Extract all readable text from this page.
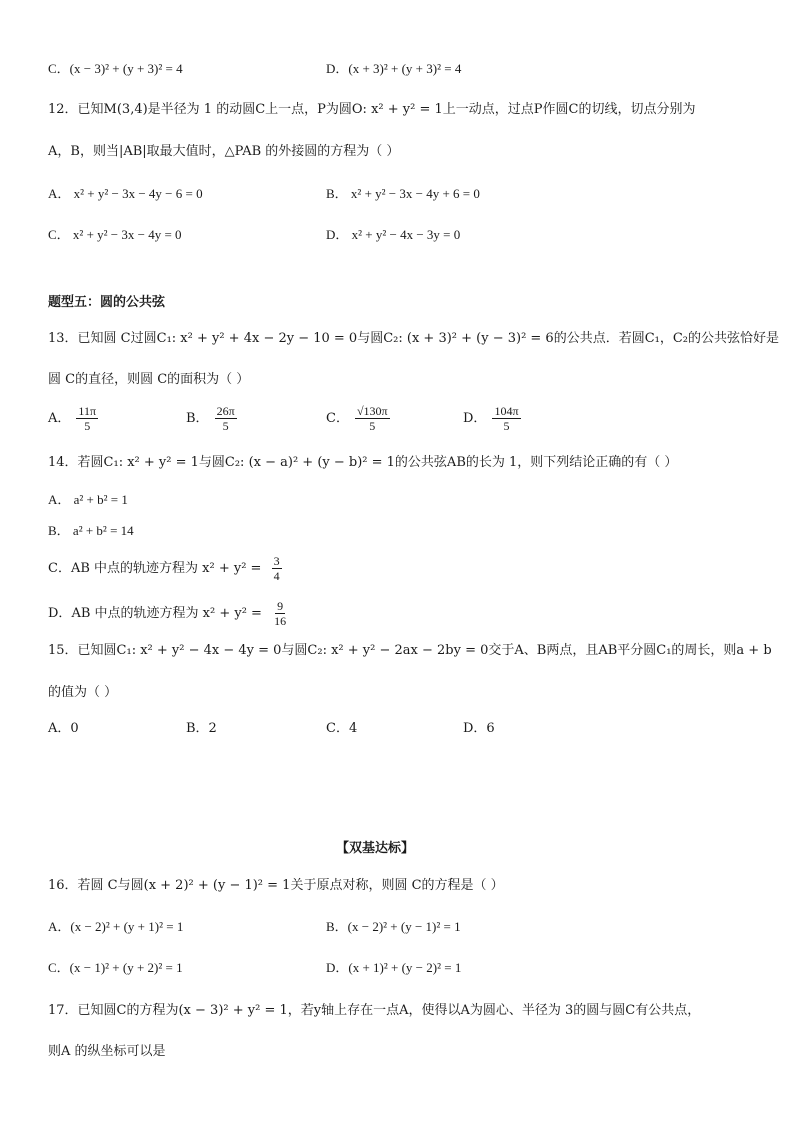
C．(x − 3)² + (y + 3)² = 4	D．(x + 3)² + (y + 3)² = 4
12．已知M(3,4)是半径为 1 的动圆C上一点，P为圆O: x² + y² = 1上一动点，过点P作圆C的切线，切点分别为
A，B，则当|AB|取最大值时，△PAB 的外接圆的方程为（ ）
A． x² + y² − 3x − 4y − 6 = 0	B． x² + y² − 3x − 4y + 6 = 0
C． x² + y² − 3x − 4y = 0	D． x² + y² − 4x − 3y = 0
题型五：圆的公共弦
13．已知圆 C过圆C₁: x² + y² + 4x − 2y − 10 = 0与圆C₂: (x + 3)² + (y − 3)² = 6的公共点．若圆C₁，C₂的公共弦恰好是
圆 C的直径，则圆 C的面积为（ ）
A． $\frac{11\pi}{5}$	B． $\frac{26\pi}{5}$	C． $\frac{√130\pi}{5}$	D． $\frac{104\pi}{5}$
14．若圆C₁: x² + y² = 1与圆C₂: (x − a)² + (y − b)² = 1的公共弦AB的长为 1，则下列结论正确的有（ ）
A． a² + b² = 1
B． a² + b² = 14
C．AB 中点的轨迹方程为 $x^2 + y^2 = \frac{3}{4}$
D．AB 中点的轨迹方程为 $x^2 + y^2 = \frac{9}{16}$
15．已知圆C₁: x² + y² − 4x − 4y = 0与圆C₂: x² + y² − 2ax − 2by = 0交于A、B两点，且AB平分圆C₁的周长，则a + b
的值为（ ）
A．0	B．2	C．4	D．6
【双基达标】
16．若圆 C与圆(x + 2)² + (y − 1)² = 1关于原点对称，则圆 C的方程是（ ）
A．(x − 2)² + (y + 1)² = 1	B．(x − 2)² + (y − 1)² = 1
C．(x − 1)² + (y + 2)² = 1	D．(x + 1)² + (y − 2)² = 1
17．已知圆C的方程为(x − 3)² + y² = 1，若y轴上存在一点A，使得以A为圆心、半径为 3的圆与圆C有公共点，
则A 的纵坐标可以是
